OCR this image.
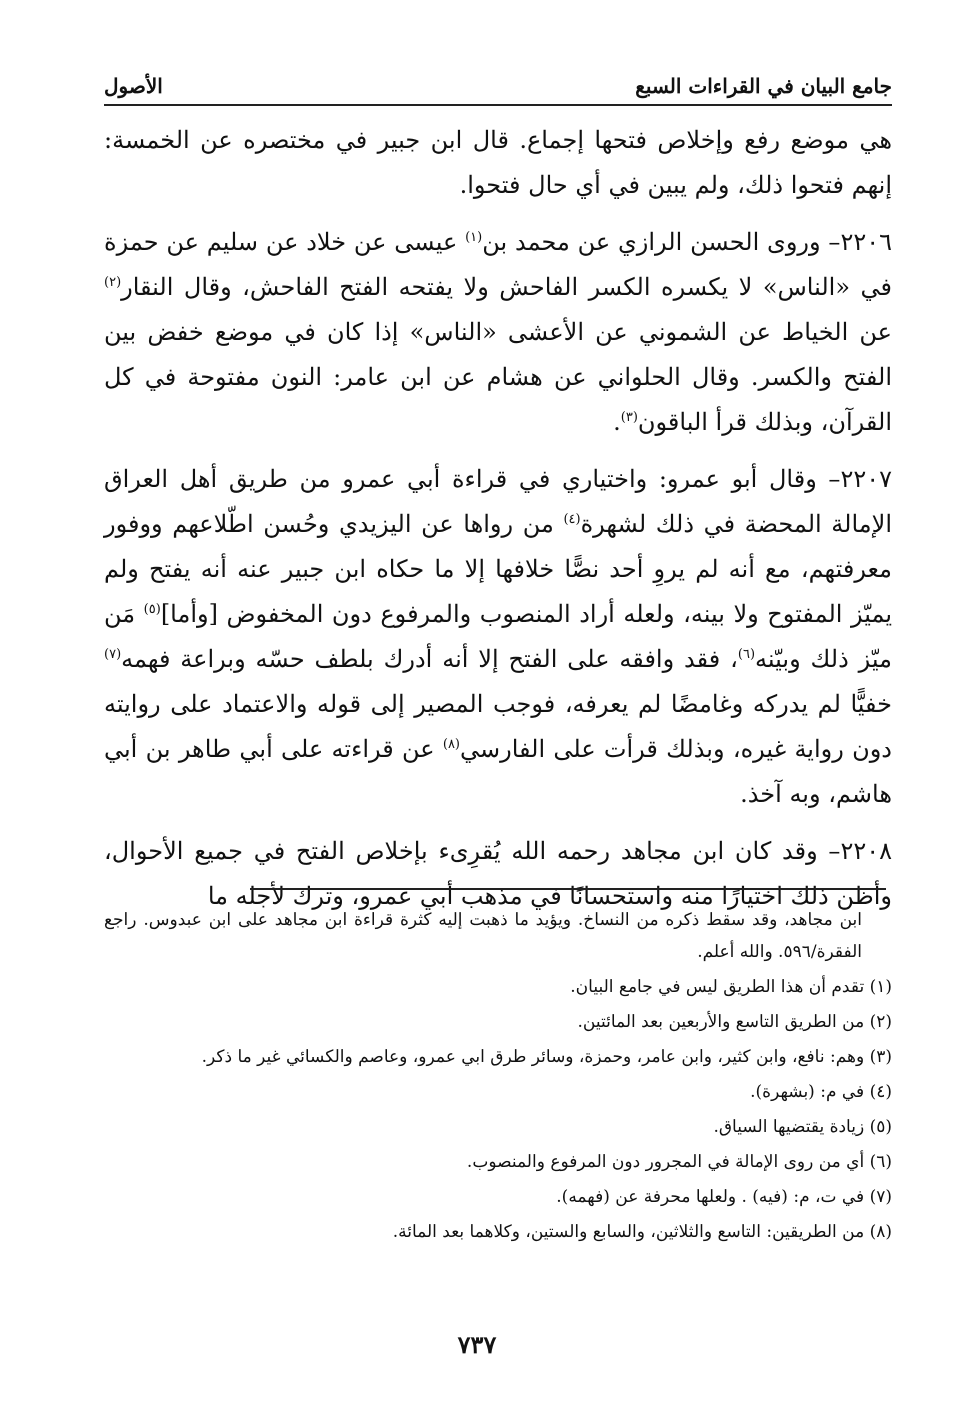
جامع البيان في القراءات السبع
الأصول

هي موضع رفع وإخلاص فتحها إجماع. قال ابن جبير في مختصره عن الخمسة: إنهم فتحوا ذلك، ولم يبين في أي حال فتحوا.

٢٢٠٦– وروى الحسن الرازي عن محمد بن$^{(١)}$ عيسى عن خلاد عن سليم عن حمزة في «الناس» لا يكسره الكسر الفاحش ولا يفتحه الفتح الفاحش، وقال النقار$^{(٢)}$ عن الخياط عن الشموني عن الأعشى «الناس» إذا كان في موضع خفض بين الفتح والكسر. وقال الحلواني عن هشام عن ابن عامر: النون مفتوحة في كل القرآن، وبذلك قرأ الباقون$^{(٣)}$.

٢٢٠٧– وقال أبو عمرو: واختياري في قراءة أبي عمرو من طريق أهل العراق الإمالة المحضة في ذلك لشهرة$^{(٤)}$ من رواها عن اليزيدي وحُسن اطّلاعهم ووفور معرفتهم، مع أنه لم يروِ أحد نصًّا خلافها إلا ما حكاه ابن جبير عنه أنه يفتح ولم يميّز المفتوح ولا بينه، ولعله أراد المنصوب والمرفوع دون المخفوض [وأما]$^{(٥)}$ مَن ميّز ذلك وبيّنه$^{(٦)}$، فقد وافقه على الفتح إلا أنه أدرك بلطف حسّه وبراعة فهمه$^{(٧)}$ خفيًّا لم يدركه وغامضًا لم يعرفه، فوجب المصير إلى قوله والاعتماد على روايته دون رواية غيره، وبذلك قرأت على الفارسي$^{(٨)}$ عن قراءته على أبي طاهر بن أبي هاشم، وبه آخذ.

٢٢٠٨– وقد كان ابن مجاهد رحمه الله يُقرِىء بإخلاص الفتح في جميع الأحوال، وأظن ذلك اختيارًا منه واستحسانًا في مذهب أبي عمرو، وترك لأجله ما

ابن مجاهد، وقد سقط ذكره من النساخ. ويؤيد ما ذهبت إليه كثرة قراءة ابن مجاهد على ابن عبدوس. راجع الفقرة/٥٩٦. والله أعلم.

(١) تقدم أن هذا الطريق ليس في جامع البيان.

(٢) من الطريق التاسع والأربعين بعد المائتين.

(٣) وهم: نافع، وابن كثير، وابن عامر، وحمزة، وسائر طرق ابي عمرو، وعاصم والكسائي غير ما ذكر.

(٤) في م: (بشهرة).

(٥) زيادة يقتضيها السياق.

(٦) أي من روى الإمالة في المجرور دون المرفوع والمنصوب.

(٧) في ت، م: (فيه) . ولعلها محرفة عن (فهمه).

(٨) من الطريقين: التاسع والثلاثين، والسابع والستين، وكلاهما بعد المائة.

٧٣٧
